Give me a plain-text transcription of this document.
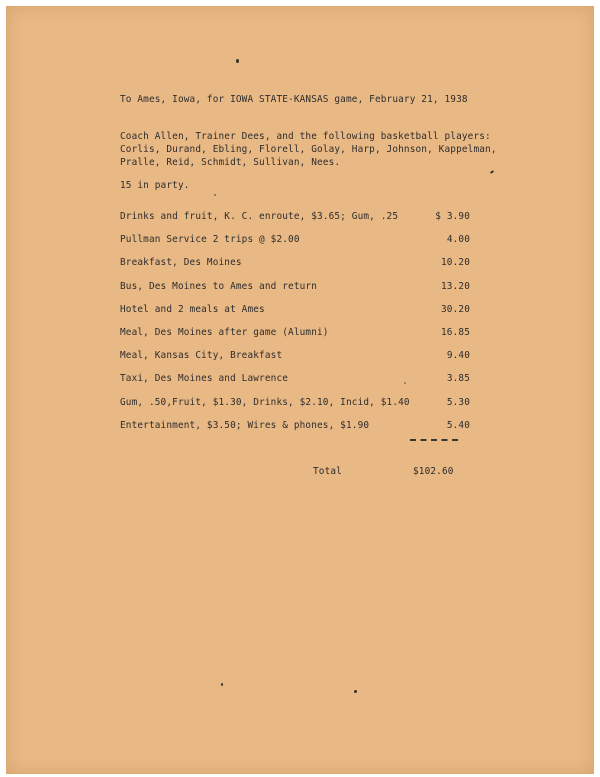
To Ames, Iowa, for IOWA STATE-KANSAS game, February 21, 1938
Coach Allen, Trainer Dees, and the following basketball players:
Corlis, Durand, Ebling, Florell, Golay, Harp, Johnson, Kappelman,
Pralle, Reid, Schmidt, Sullivan, Nees.
15 in party.
Drinks and fruit, K. C. enroute, $3.65; Gum, .25	$ 3.90
Pullman Service 2 trips @ $2.00	4.00
Breakfast, Des Moines	10.20
Bus, Des Moines to Ames and return	13.20
Hotel and 2 meals at Ames	30.20
Meal, Des Moines after game (Alumni)	16.85
Meal, Kansas City, Breakfast	9.40
Taxi, Des Moines and Lawrence	3.85
Gum, .50,Fruit, $1.30, Drinks, $2.10, Incid, $1.40	5.30
Entertainment, $3.50; Wires & phones, $1.90	5.40
Total	$102.60
